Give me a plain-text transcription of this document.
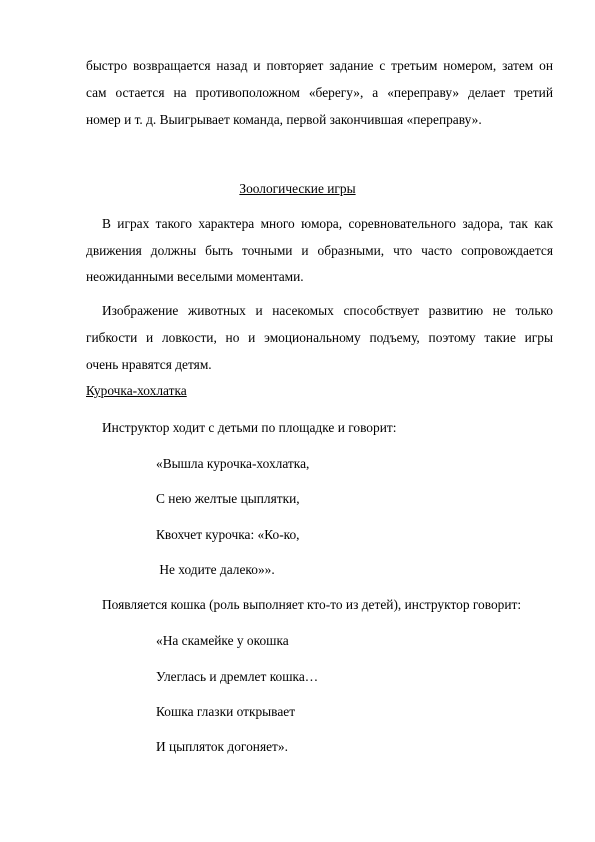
быстро возвращается назад и повторяет задание с третьим номером, затем он
сам остается на противоположном «берегу», а «переправу» делает третий
номер и т. д. Выигрывает команда, первой закончившая «переправу».
Зоологические игры
В играх такого характера много юмора, соревновательного задора, так как
движения должны быть точными и образными, что часто сопровождается
неожиданными веселыми моментами.
Изображение животных и насекомых способствует развитию не только
гибкости и ловкости, но и эмоциональному подъему, поэтому такие игры
очень нравятся детям.
Курочка-хохлатка
Инструктор ходит с детьми по площадке и говорит:
«Вышла курочка-хохлатка,
С нею желтые цыплятки,
Квохчет курочка: «Ко-ко,
Не ходите далеко»».
Появляется кошка (роль выполняет кто-то из детей), инструктор говорит:
«На скамейке у окошка
Улеглась и дремлет кошка…
Кошка глазки открывает
И цыпляток догоняет».
